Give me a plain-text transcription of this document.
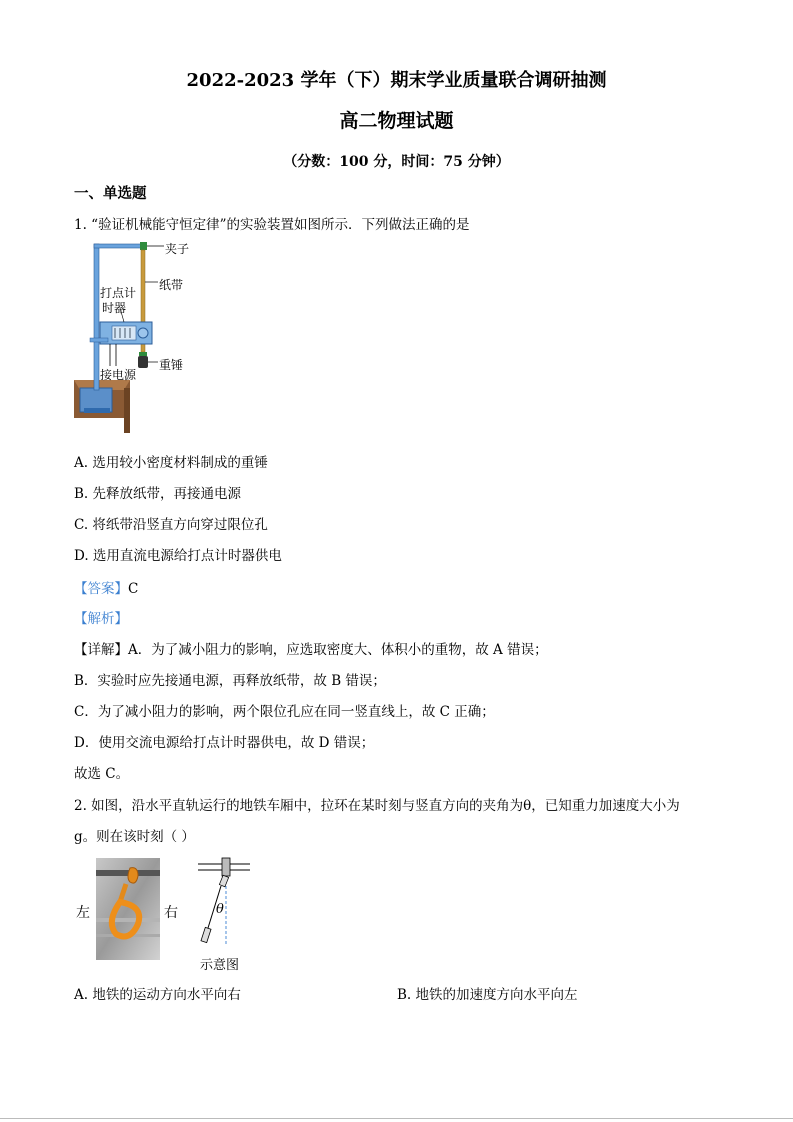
2022-2023 学年（下）期末学业质量联合调研抽测
高二物理试题
（分数：100 分，时间：75 分钟）
一、单选题
1. “验证机械能守恒定律”的实验装置如图所示．下列做法正确的是
夹子
纸带
打点计
时器
重锤
接电源
A. 选用较小密度材料制成的重锤
B. 先释放纸带，再接通电源
C. 将纸带沿竖直方向穿过限位孔
D. 选用直流电源给打点计时器供电
【答案】C
【解析】
【详解】A．为了减小阻力的影响，应选取密度大、体积小的重物，故 A 错误；
B．实验时应先接通电源，再释放纸带，故 B 错误；
C．为了减小阻力的影响，两个限位孔应在同一竖直线上，故 C 正确；
D．使用交流电源给打点计时器供电，故 D 错误；
故选 C。
2. 如图，沿水平直轨运行的地铁车厢中，拉环在某时刻与竖直方向的夹角为θ，已知重力加速度大小为
g。则在该时刻（ ）
左	右	θ
示意图
A. 地铁的运动方向水平向右	B. 地铁的加速度方向水平向左
